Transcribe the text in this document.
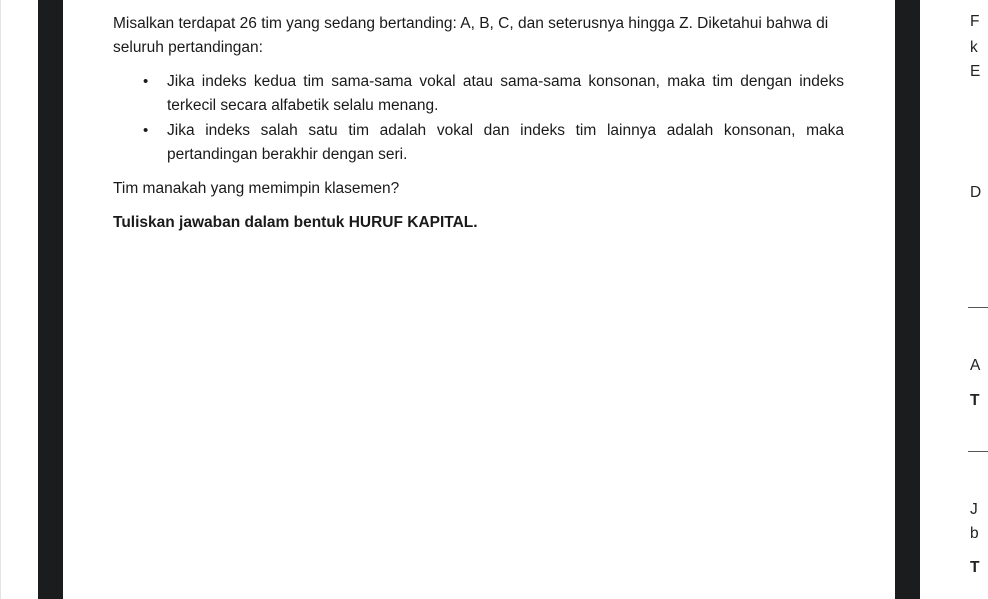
Misalkan terdapat 26 tim yang sedang bertanding: A, B, C, dan seterusnya hingga Z. Diketahui bahwa di seluruh pertandingan:

• Jika indeks kedua tim sama-sama vokal atau sama-sama konsonan, maka tim dengan indeks terkecil secara alfabetik selalu menang.
• Jika indeks salah satu tim adalah vokal dan indeks tim lainnya adalah konsonan, maka pertandingan berakhir dengan seri.

Tim manakah yang memimpin klasemen?

Tuliskan jawaban dalam bentuk HURUF KAPITAL.

F
k
E
D
A
T
J
b
T
